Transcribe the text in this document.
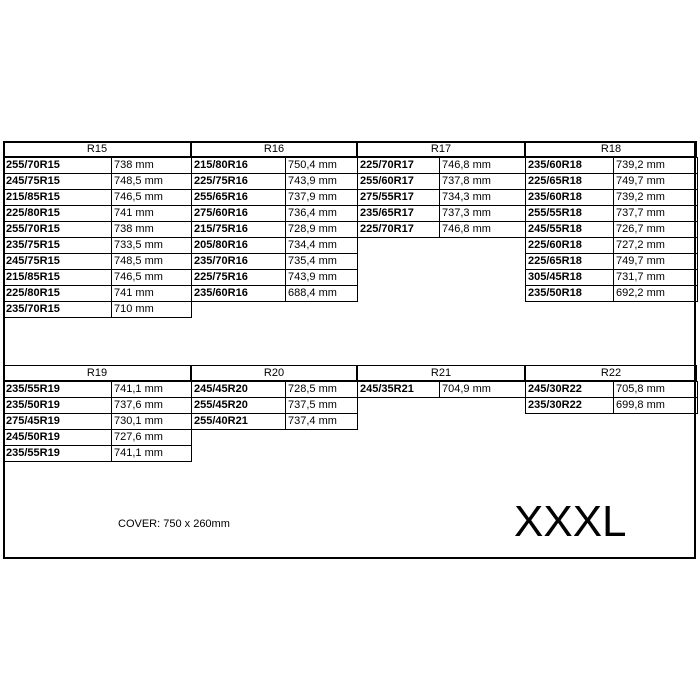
R15
255/70R15	738 mm
245/75R15	748,5 mm
215/85R15	746,5 mm
225/80R15	741 mm
255/70R15	738 mm
235/75R15	733,5 mm
245/75R15	748,5 mm
215/85R15	746,5 mm
225/80R15	741 mm
235/70R15	710 mm
R16
215/80R16	750,4 mm
225/75R16	743,9 mm
255/65R16	737,9 mm
275/60R16	736,4 mm
215/75R16	728,9 mm
205/80R16	734,4 mm
235/70R16	735,4 mm
225/75R16	743,9 mm
235/60R16	688,4 mm
R17
225/70R17	746,8 mm
255/60R17	737,8 mm
275/55R17	734,3 mm
235/65R17	737,3 mm
225/70R17	746,8 mm
R18
235/60R18	739,2 mm
225/65R18	749,7 mm
235/60R18	739,2 mm
255/55R18	737,7 mm
245/55R18	726,7 mm
225/60R18	727,2 mm
225/65R18	749,7 mm
305/45R18	731,7 mm
235/50R18	692,2 mm
R19
235/55R19	741,1 mm
235/50R19	737,6 mm
275/45R19	730,1 mm
245/50R19	727,6 mm
235/55R19	741,1 mm
R20
245/45R20	728,5 mm
255/45R20	737,5 mm
255/40R21	737,4 mm
R21
245/35R21	704,9 mm
R22
245/30R22	705,8 mm
235/30R22	699,8 mm
COVER: 750 x 260mm	XXXL
